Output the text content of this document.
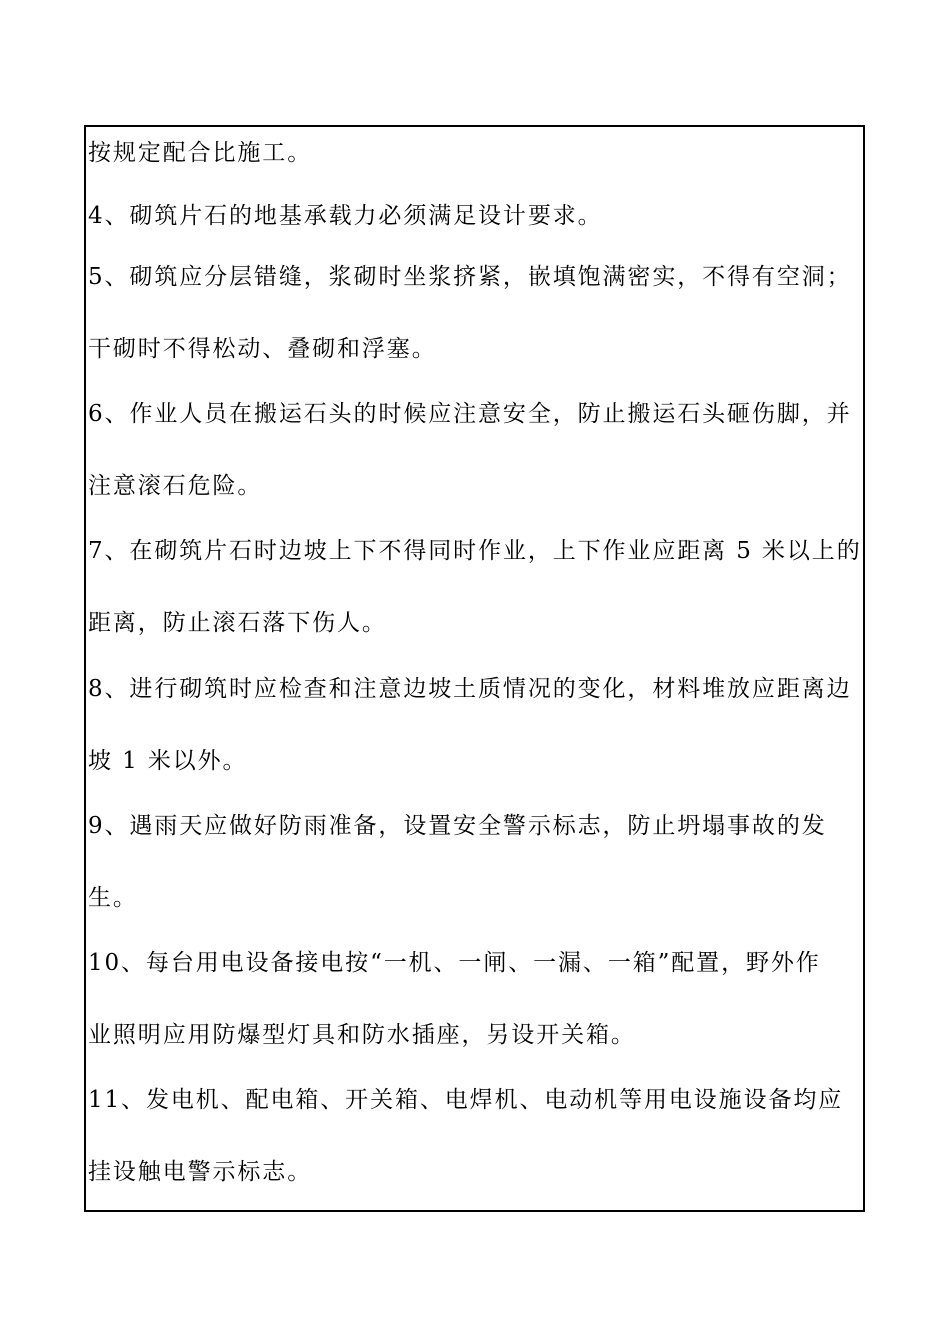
按规定配合比施工。
4、砌筑片石的地基承载力必须满足设计要求。
5、砌筑应分层错缝，浆砌时坐浆挤紧，嵌填饱满密实，不得有空洞；
干砌时不得松动、叠砌和浮塞。
6、作业人员在搬运石头的时候应注意安全，防止搬运石头砸伤脚，并
注意滚石危险。
7、在砌筑片石时边坡上下不得同时作业，上下作业应距离 5 米以上的
距离，防止滚石落下伤人。
8、进行砌筑时应检查和注意边坡土质情况的变化，材料堆放应距离边
坡 1 米以外。
9、遇雨天应做好防雨准备，设置安全警示标志，防止坍塌事故的发
生。
10、每台用电设备接电按“一机、一闸、一漏、一箱”配置，野外作
业照明应用防爆型灯具和防水插座，另设开关箱。
11、发电机、配电箱、开关箱、电焊机、电动机等用电设施设备均应
挂设触电警示标志。
